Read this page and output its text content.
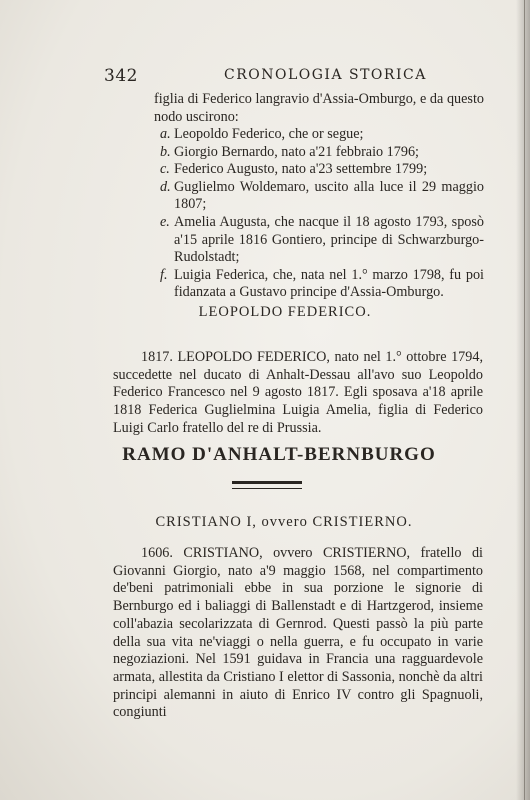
342	CRONOLOGIA STORICA
figlia di Federico langravio d'Assia-Omburgo, e da questo nodo uscirono:
a. Leopoldo Federico, che or segue;
b. Giorgio Bernardo, nato a'21 febbraio 1796;
c. Federico Augusto, nato a'23 settembre 1799;
d. Guglielmo Woldemaro, uscito alla luce il 29 maggio 1807;
e. Amelia Augusta, che nacque il 18 agosto 1793, sposò a'15 aprile 1816 Gontiero, principe di Schwarzburgo-Rudolstadt;
f. Luigia Federica, che, nata nel 1.° marzo 1798, fu poi fidanzata a Gustavo principe d'Assia-Omburgo.
LEOPOLDO FEDERICO.

1817. LEOPOLDO FEDERICO, nato nel 1.° ottobre 1794, succedette nel ducato di Anhalt-Dessau all'avo suo Leopoldo Federico Francesco nel 9 agosto 1817. Egli sposava a'18 aprile 1818 Federica Guglielmina Luigia Amelia, figlia di Federico Luigi Carlo fratello del re di Prussia.

RAMO D'ANHALT-BERNBURGO
CRISTIANO I, ovvero CRISTIERNO.

1606. CRISTIANO, ovvero CRISTIERNO, fratello di Giovanni Giorgio, nato a'9 maggio 1568, nel compartimento de'beni patrimoniali ebbe in sua porzione le signorie di Bernburgo ed i baliaggi di Ballenstadt e di Hartzgerod, insieme coll'abazia secolarizzata di Gernrod. Questi passò la più parte della sua vita ne'viaggi o nella guerra, e fu occupato in varie negoziazioni. Nel 1591 guidava in Francia una ragguardevole armata, allestita da Cristiano I elettor di Sassonia, nonchè da altri principi alemanni in aiuto di Enrico IV contro gli Spagnuoli, congiunti
